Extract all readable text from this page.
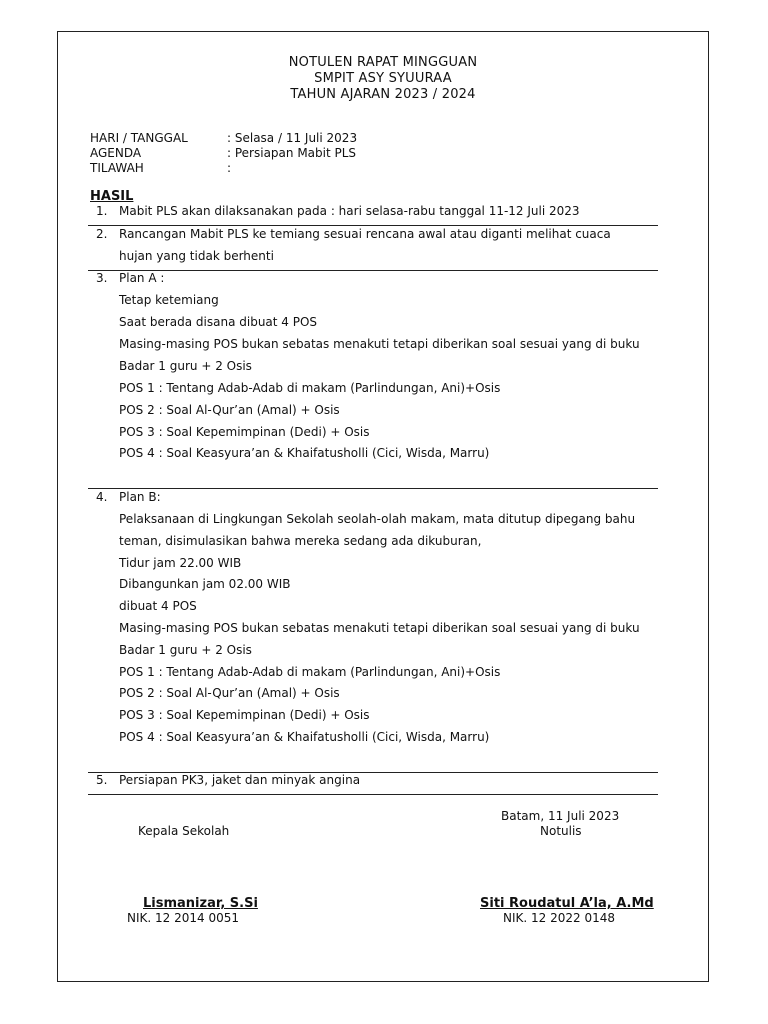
NOTULEN RAPAT MINGGUAN
SMPIT ASY SYUURAA
TAHUN AJARAN 2023 / 2024
HARI / TANGGAL	: Selasa / 11 Juli 2023
AGENDA	: Persiapan Mabit PLS
TILAWAH	:
HASIL
1. Mabit PLS akan dilaksanakan pada : hari selasa-rabu tanggal 11-12 Juli 2023
2. Rancangan Mabit PLS ke temiang sesuai rencana awal atau diganti melihat cuaca
hujan yang tidak berhenti
3. Plan A :
Tetap ketemiang
Saat berada disana dibuat 4 POS
Masing-masing POS bukan sebatas menakuti tetapi diberikan soal sesuai yang di buku
Badar 1 guru + 2 Osis
POS 1 : Tentang Adab-Adab di makam (Parlindungan, Ani)+Osis
POS 2 : Soal Al-Qur’an (Amal) + Osis
POS 3 : Soal Kepemimpinan (Dedi) + Osis
POS 4 : Soal Keasyura’an & Khaifatusholli (Cici, Wisda, Marru)
4. Plan B:
Pelaksanaan di Lingkungan Sekolah seolah-olah makam, mata ditutup dipegang bahu
teman, disimulasikan bahwa mereka sedang ada dikuburan,
Tidur jam 22.00 WIB
Dibangunkan jam 02.00 WIB
dibuat 4 POS
Masing-masing POS bukan sebatas menakuti tetapi diberikan soal sesuai yang di buku
Badar 1 guru + 2 Osis
POS 1 : Tentang Adab-Adab di makam (Parlindungan, Ani)+Osis
POS 2 : Soal Al-Qur’an (Amal) + Osis
POS 3 : Soal Kepemimpinan (Dedi) + Osis
POS 4 : Soal Keasyura’an & Khaifatusholli (Cici, Wisda, Marru)
5. Persiapan PK3, jaket dan minyak angina
Batam, 11 Juli 2023
Kepala Sekolah	Notulis
Lismanizar, S.Si
NIK. 12 2014 0051
Siti Roudatul A’la, A.Md
NIK. 12 2022 0148
